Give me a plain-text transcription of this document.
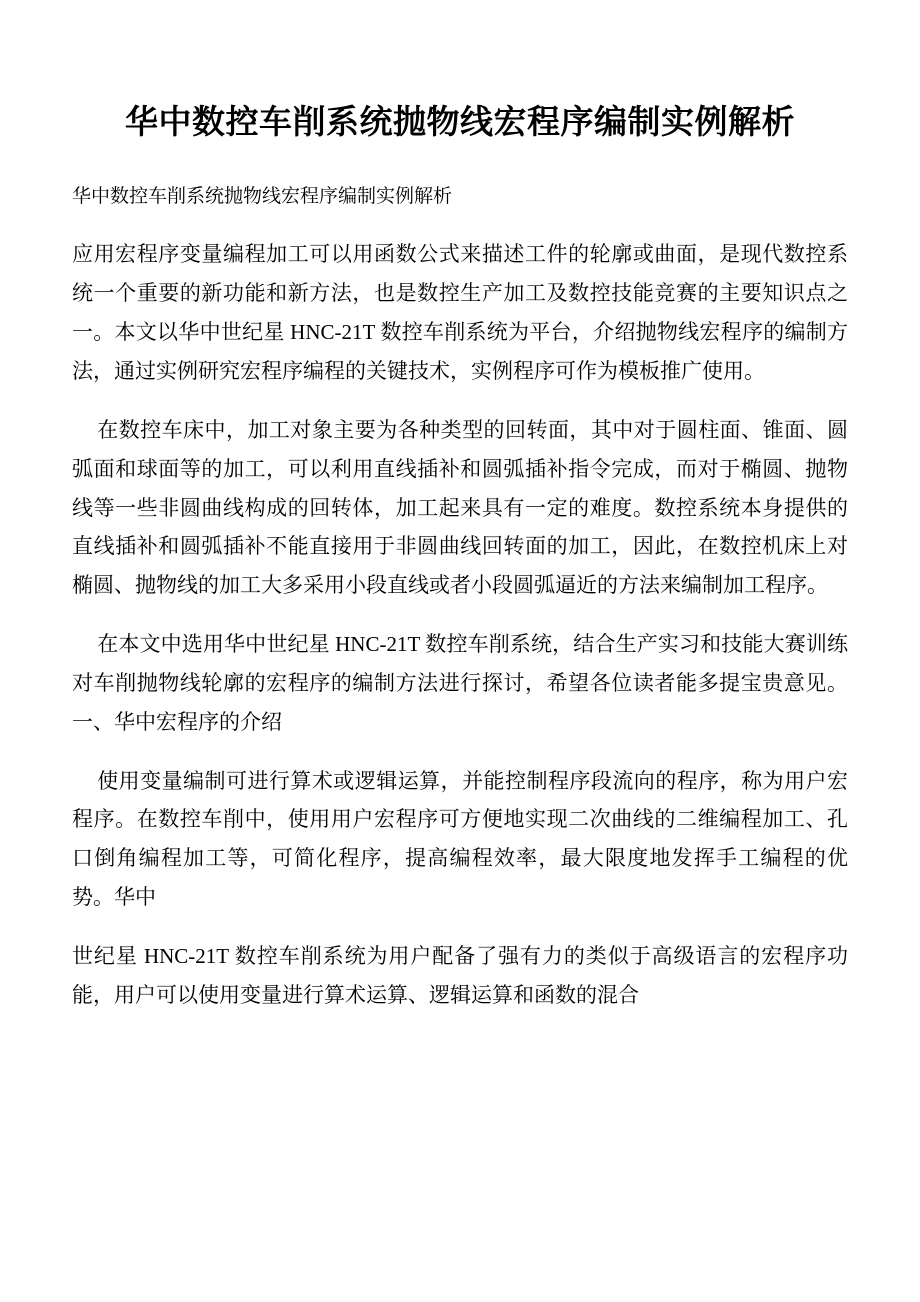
华中数控车削系统抛物线宏程序编制实例解析
华中数控车削系统抛物线宏程序编制实例解析

应用宏程序变量编程加工可以用函数公式来描述工件的轮廓或曲面，是现代数控系统一个重要的新功能和新方法，也是数控生产加工及数控技能竞赛的主要知识点之一。本文以华中世纪星 HNC-21T 数控车削系统为平台，介绍抛物线宏程序的编制方法，通过实例研究宏程序编程的关键技术，实例程序可作为模板推广使用。

在数控车床中，加工对象主要为各种类型的回转面，其中对于圆柱面、锥面、圆弧面和球面等的加工，可以利用直线插补和圆弧插补指令完成，而对于椭圆、抛物线等一些非圆曲线构成的回转体，加工起来具有一定的难度。数控系统本身提供的直线插补和圆弧插补不能直接用于非圆曲线回转面的加工，因此，在数控机床上对椭圆、抛物线的加工大多采用小段直线或者小段圆弧逼近的方法来编制加工程序。

在本文中选用华中世纪星 HNC-21T 数控车削系统，结合生产实习和技能大赛训练对车削抛物线轮廓的宏程序的编制方法进行探讨，希望各位读者能多提宝贵意见。 一、华中宏程序的介绍

使用变量编制可进行算术或逻辑运算，并能控制程序段流向的程序，称为用户宏程序。在数控车削中，使用用户宏程序可方便地实现二次曲线的二维编程加工、孔口倒角编程加工等，可简化程序，提高编程效率，最大限度地发挥手工编程的优势。华中

世纪星 HNC-21T 数控车削系统为用户配备了强有力的类似于高级语言的宏程序功能，用户可以使用变量进行算术运算、逻辑运算和函数的混合
